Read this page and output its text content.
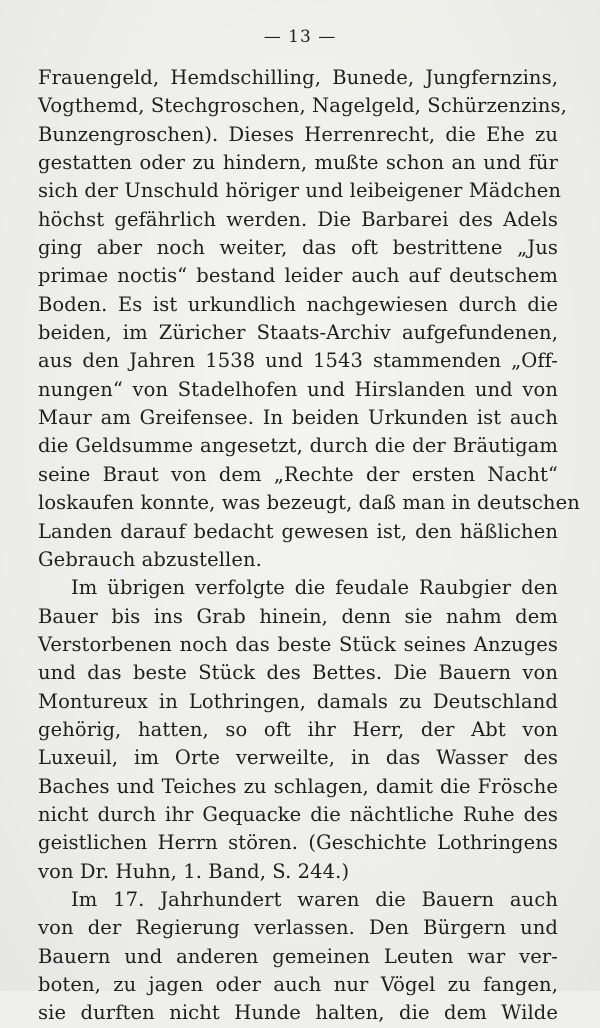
— 13 —
Frauengeld, Hemdschilling, Bunede, Jungfernzins,
Vogthemd, Stechgroschen, Nagelgeld, Schürzenzins,
Bunzengroschen). Dieses Herrenrecht, die Ehe zu
gestatten oder zu hindern, mußte schon an und für
sich der Unschuld höriger und leibeigener Mädchen
höchst gefährlich werden. Die Barbarei des Adels
ging aber noch weiter, das oft bestrittene „Jus
primae noctis“ bestand leider auch auf deutschem
Boden. Es ist urkundlich nachgewiesen durch die
beiden, im Züricher Staats-Archiv aufgefundenen,
aus den Jahren 1538 und 1543 stammenden „Off-
nungen“ von Stadelhofen und Hirslanden und von
Maur am Greifensee. In beiden Urkunden ist auch
die Geldsumme angesetzt, durch die der Bräutigam
seine Braut von dem „Rechte der ersten Nacht“
loskaufen konnte, was bezeugt, daß man in deutschen
Landen darauf bedacht gewesen ist, den häßlichen
Gebrauch abzustellen.
Im übrigen verfolgte die feudale Raubgier den
Bauer bis ins Grab hinein, denn sie nahm dem
Verstorbenen noch das beste Stück seines Anzuges
und das beste Stück des Bettes. Die Bauern von
Montureux in Lothringen, damals zu Deutschland
gehörig, hatten, so oft ihr Herr, der Abt von
Luxeuil, im Orte verweilte, in das Wasser des
Baches und Teiches zu schlagen, damit die Frösche
nicht durch ihr Gequacke die nächtliche Ruhe des
geistlichen Herrn stören. (Geschichte Lothringens
von Dr. Huhn, 1. Band, S. 244.)
Im 17. Jahrhundert waren die Bauern auch
von der Regierung verlassen. Den Bürgern und
Bauern und anderen gemeinen Leuten war ver-
boten, zu jagen oder auch nur Vögel zu fangen,
sie durften nicht Hunde halten, die dem Wilde
